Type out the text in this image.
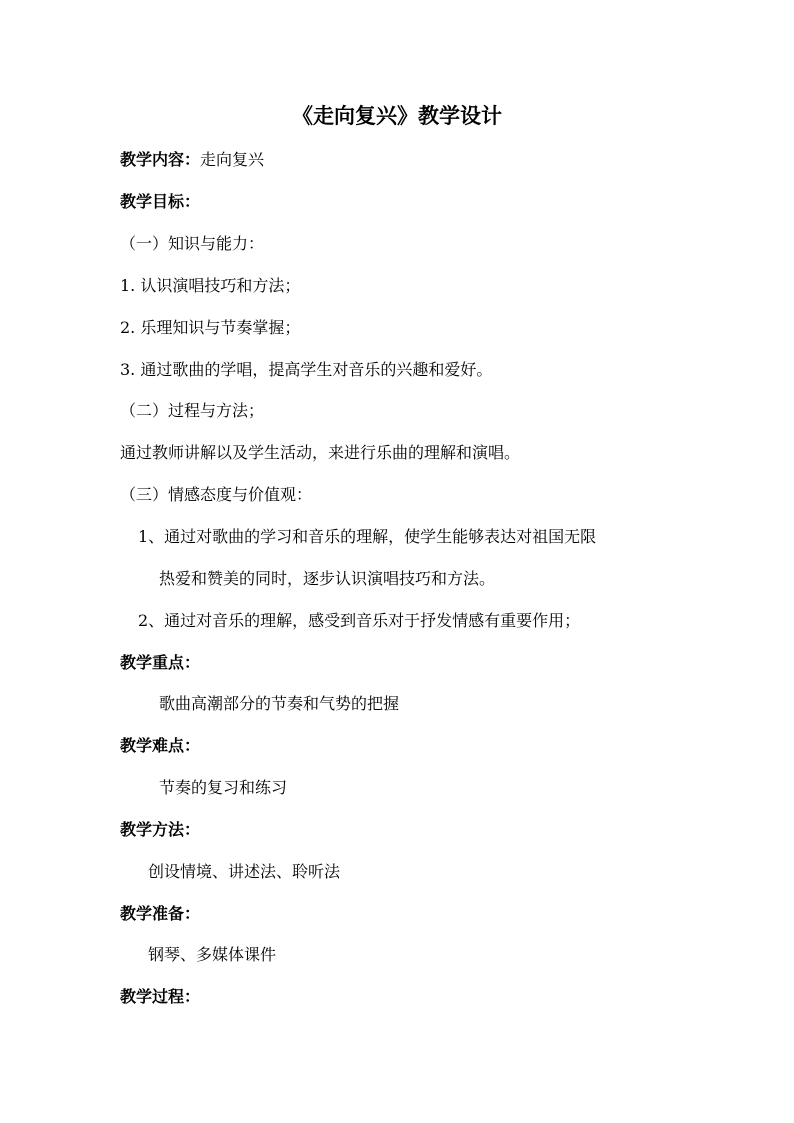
《走向复兴》教学设计
教学内容：走向复兴
教学目标：
（一）知识与能力：
1. 认识演唱技巧和方法；
2. 乐理知识与节奏掌握；
3. 通过歌曲的学唱，提高学生对音乐的兴趣和爱好。
（二）过程与方法；
通过教师讲解以及学生活动，来进行乐曲的理解和演唱。
（三）情感态度与价值观：
1、通过对歌曲的学习和音乐的理解，使学生能够表达对祖国无限
热爱和赞美的同时，逐步认识演唱技巧和方法。
2、通过对音乐的理解，感受到音乐对于抒发情感有重要作用；
教学重点：
歌曲高潮部分的节奏和气势的把握
教学难点：
节奏的复习和练习
教学方法：
创设情境、讲述法、聆听法
教学准备：
钢琴、多媒体课件
教学过程：
